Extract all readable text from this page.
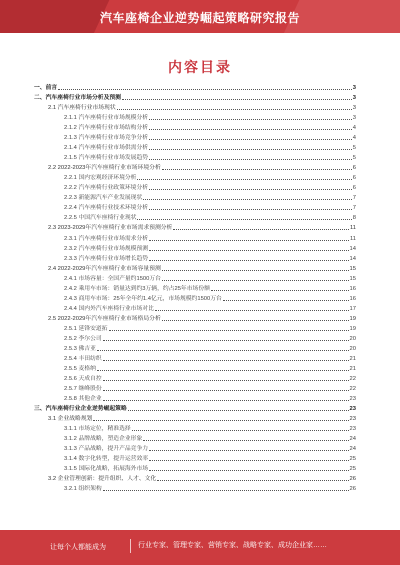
汽车座椅企业逆势崛起策略研究报告
内容目录
一、前言	3
二、汽车座椅行业市场分析及预测	3
2.1 汽车座椅行业市场现状	3
2.1.1 汽车座椅行业市场规模分析	3
2.1.2 汽车座椅行业市场结构分析	4
2.1.3 汽车座椅行业市场竞争分析	4
2.1.4 汽车座椅行业市场供需分析	5
2.1.5 汽车座椅行业市场发展趋势	5
2.2 2022-2023年汽车座椅行业市场环境分析	6
2.2.1 国内宏观经济环境分析	6
2.2.2 汽车座椅行业政策环境分析	6
2.2.3 新能源汽车产业发展现状	7
2.2.4 汽车座椅行业技术环境分析	7
2.2.5 中国汽车座椅行业现状	8
2.3 2023-2029年汽车座椅行业市场需求预测分析	11
2.3.1 汽车座椅行业市场需求分析	11
2.3.2 汽车座椅行业市场规模预测	14
2.3.3 汽车座椅行业市场增长趋势	14
2.4 2022-2029年汽车座椅行业市场容量预测	15
2.4.1 市场容量：全国产量约1500万台	15
2.4.2 乘用车市场：销量达到约3万辆，约占25年市场份额	16
2.4.3 商用车市场：25年全年约1.4亿元，市场规模约1500万台	16
2.4.4 国内外汽车座椅行业市场对比	17
2.5 2022-2029年汽车座椅行业市场格局分析	19
2.5.1 延锋安道拓	19
2.5.2 李尔公司	20
2.5.3 佛吉亚	20
2.5.4 丰田纺织	21
2.5.5 麦格纳	21
2.5.6 天成自控	22
2.5.7 继峰股份	22
2.5.8 其他企业	23
三、汽车座椅行业企业逆势崛起策略	23
3.1 企业战略规划	23
3.1.1 市场定位，精准选择	23
3.1.2 品牌战略，塑造企业形象	24
3.1.3 产品战略，提升产品竞争力	24
3.1.4 数字化转型，提升运营效率	25
3.1.5 国际化战略，拓展海外市场	25
3.2 企业管理创新：提升组织、人才、文化	26
3.2.1 组织架构	26
让每个人都能成为	行业专家、管理专家、营销专家、战略专家、成功企业家……
